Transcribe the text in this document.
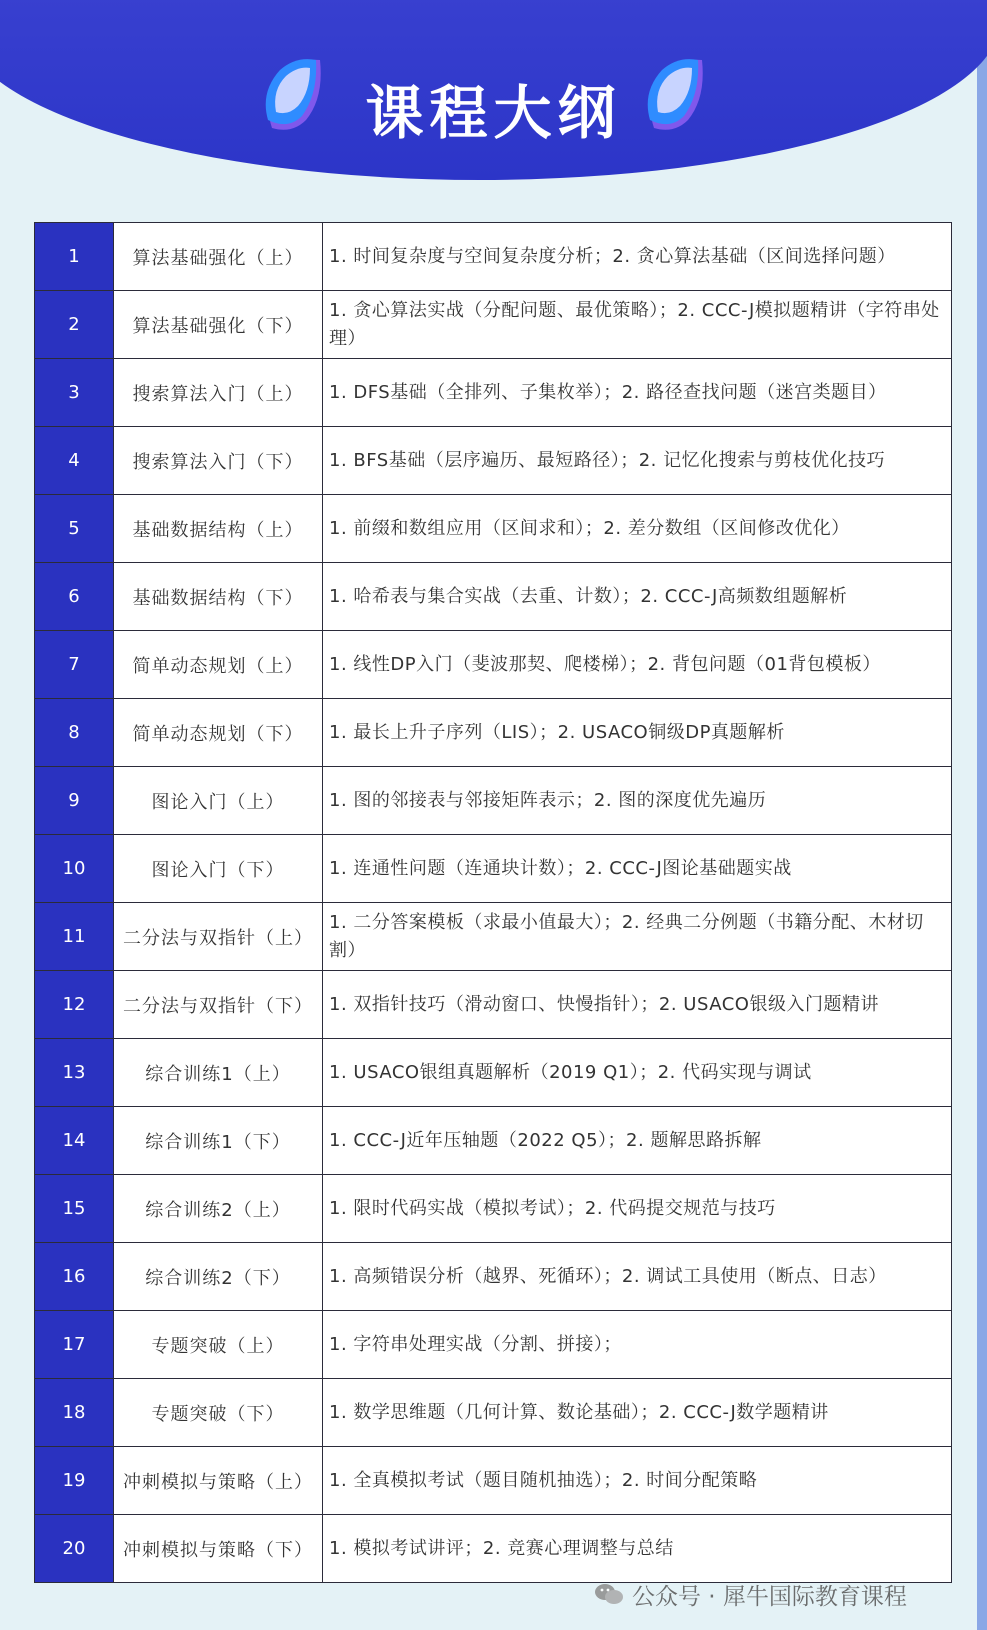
课程大纲
1	算法基础强化（上）	1. 时间复杂度与空间复杂度分析；2. 贪心算法基础（区间选择问题）
2	算法基础强化（下）	1. 贪心算法实战（分配问题、最优策略）；2. CCC-J模拟题精讲（字符串处理）
3	搜索算法入门（上）	1. DFS基础（全排列、子集枚举）；2. 路径查找问题（迷宫类题目）
4	搜索算法入门（下）	1. BFS基础（层序遍历、最短路径）；2. 记忆化搜索与剪枝优化技巧
5	基础数据结构（上）	1. 前缀和数组应用（区间求和）；2. 差分数组（区间修改优化）
6	基础数据结构（下）	1. 哈希表与集合实战（去重、计数）；2. CCC-J高频数组题解析
7	简单动态规划（上）	1. 线性DP入门（斐波那契、爬楼梯）；2. 背包问题（01背包模板）
8	简单动态规划（下）	1. 最长上升子序列（LIS）；2. USACO铜级DP真题解析
9	图论入门（上）	1. 图的邻接表与邻接矩阵表示；2. 图的深度优先遍历
10	图论入门（下）	1. 连通性问题（连通块计数）；2. CCC-J图论基础题实战
11	二分法与双指针（上）	1. 二分答案模板（求最小值最大）；2. 经典二分例题（书籍分配、木材切割）
12	二分法与双指针（下）	1. 双指针技巧（滑动窗口、快慢指针）；2. USACO银级入门题精讲
13	综合训练1（上）	1. USACO银组真题解析（2019 Q1）；2. 代码实现与调试
14	综合训练1（下）	1. CCC-J近年压轴题（2022 Q5）；2. 题解思路拆解
15	综合训练2（上）	1. 限时代码实战（模拟考试）；2. 代码提交规范与技巧
16	综合训练2（下）	1. 高频错误分析（越界、死循环）；2. 调试工具使用（断点、日志）
17	专题突破（上）	1. 字符串处理实战（分割、拼接）；
18	专题突破（下）	1. 数学思维题（几何计算、数论基础）；2. CCC-J数学题精讲
19	冲刺模拟与策略（上）	1. 全真模拟考试（题目随机抽选）；2. 时间分配策略
20	冲刺模拟与策略（下）	1. 模拟考试讲评；2. 竞赛心理调整与总结
公众号 · 犀牛国际教育课程
